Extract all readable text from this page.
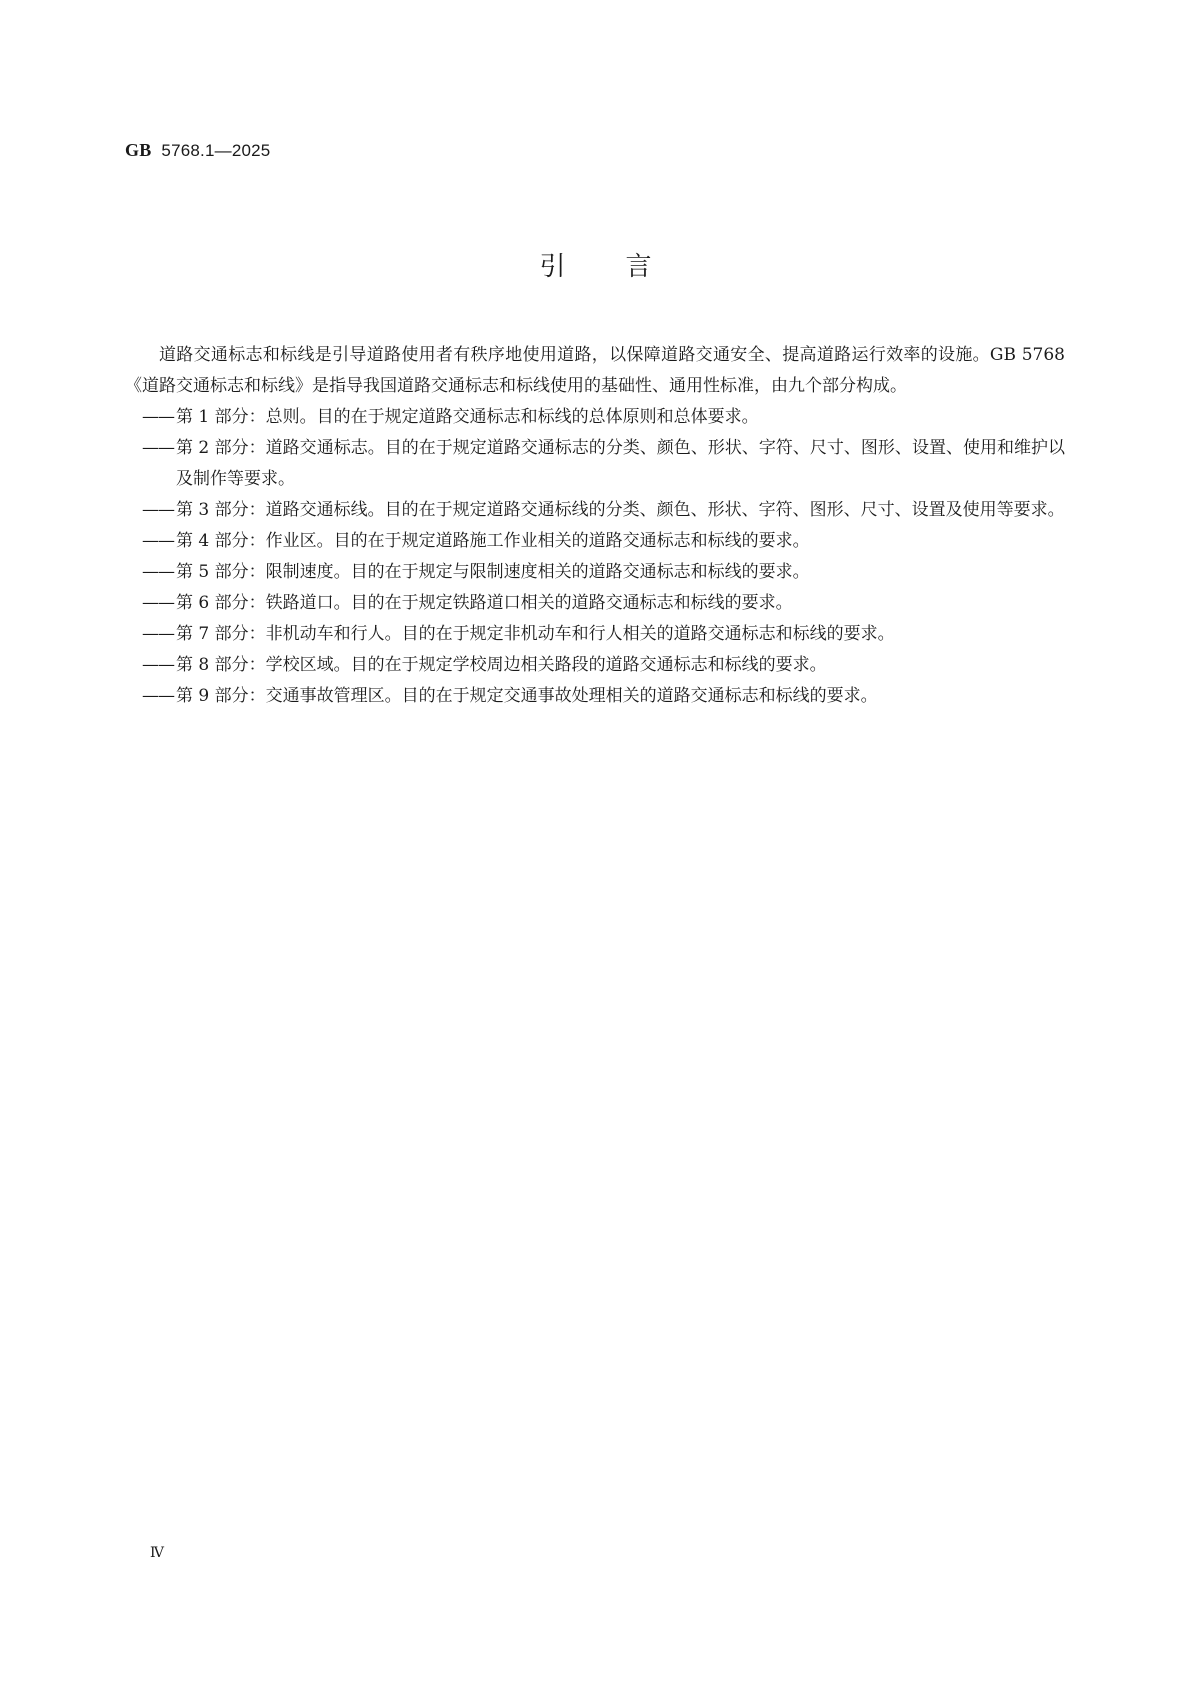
GB 5768.1—2025
引言

道路交通标志和标线是引导道路使用者有秩序地使用道路，以保障道路交通安全、提高道路运行效率的设施。GB 5768《道路交通标志和标线》是指导我国道路交通标志和标线使用的基础性、通用性标准，由九个部分构成。

—— 第 1 部分：总则。目的在于规定道路交通标志和标线的总体原则和总体要求。
—— 第 2 部分：道路交通标志。目的在于规定道路交通标志的分类、颜色、形状、字符、尺寸、图形、设置、使用和维护以及制作等要求。
—— 第 3 部分：道路交通标线。目的在于规定道路交通标线的分类、颜色、形状、字符、图形、尺寸、设置及使用等要求。
—— 第 4 部分：作业区。目的在于规定道路施工作业相关的道路交通标志和标线的要求。
—— 第 5 部分：限制速度。目的在于规定与限制速度相关的道路交通标志和标线的要求。
—— 第 6 部分：铁路道口。目的在于规定铁路道口相关的道路交通标志和标线的要求。
—— 第 7 部分：非机动车和行人。目的在于规定非机动车和行人相关的道路交通标志和标线的要求。
—— 第 8 部分：学校区域。目的在于规定学校周边相关路段的道路交通标志和标线的要求。
—— 第 9 部分：交通事故管理区。目的在于规定交通事故处理相关的道路交通标志和标线的要求。
Ⅳ
